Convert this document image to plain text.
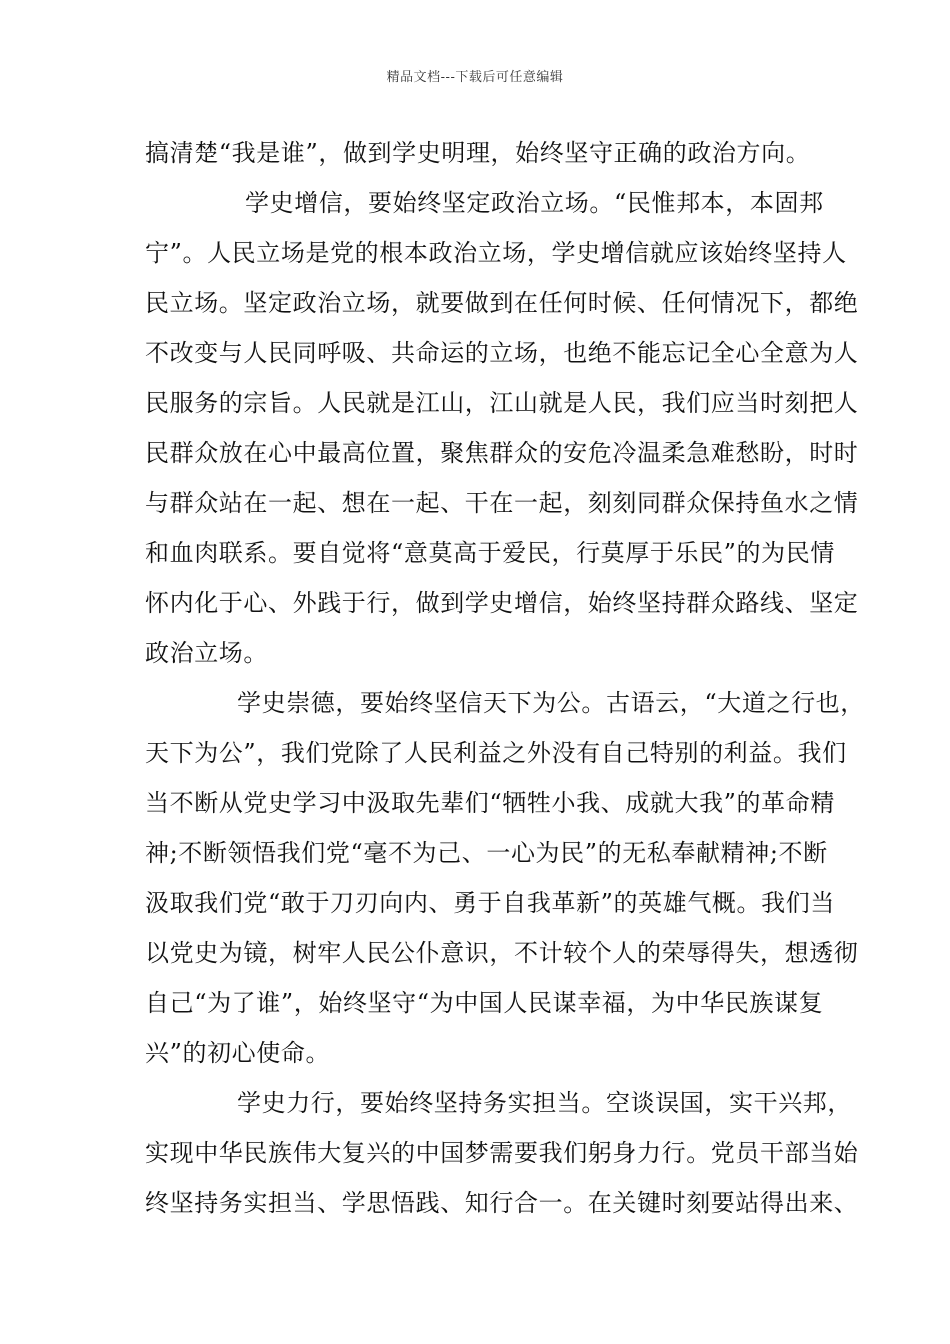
精品文档---下载后可任意编辑
搞清楚“我是谁”，做到学史明理，始终坚守正确的政治方向。
学史增信，要始终坚定政治立场。“民惟邦本，本固邦
宁”。人民立场是党的根本政治立场，学史增信就应该始终坚持人
民立场。坚定政治立场，就要做到在任何时候、任何情况下，都绝
不改变与人民同呼吸、共命运的立场，也绝不能忘记全心全意为人
民服务的宗旨。人民就是江山，江山就是人民，我们应当时刻把人
民群众放在心中最高位置，聚焦群众的安危冷温柔急难愁盼，时时
与群众站在一起、想在一起、干在一起，刻刻同群众保持鱼水之情
和血肉联系。要自觉将“意莫高于爱民，行莫厚于乐民”的为民情
怀内化于心、外践于行，做到学史增信，始终坚持群众路线、坚定
政治立场。
学史崇德，要始终坚信天下为公。古语云，“大道之行也，
天下为公”，我们党除了人民利益之外没有自己特别的利益。我们
当不断从党史学习中汲取先辈们“牺牲小我、成就大我”的革命精
神;不断领悟我们党“毫不为己、一心为民”的无私奉献精神;不断
汲取我们党“敢于刀刃向内、勇于自我革新”的英雄气概。我们当
以党史为镜，树牢人民公仆意识，不计较个人的荣辱得失，想透彻
自己“为了谁”，始终坚守“为中国人民谋幸福，为中华民族谋复
兴”的初心使命。
学史力行，要始终坚持务实担当。空谈误国，实干兴邦，
实现中华民族伟大复兴的中国梦需要我们躬身力行。党员干部当始
终坚持务实担当、学思悟践、知行合一。在关键时刻要站得出来、
